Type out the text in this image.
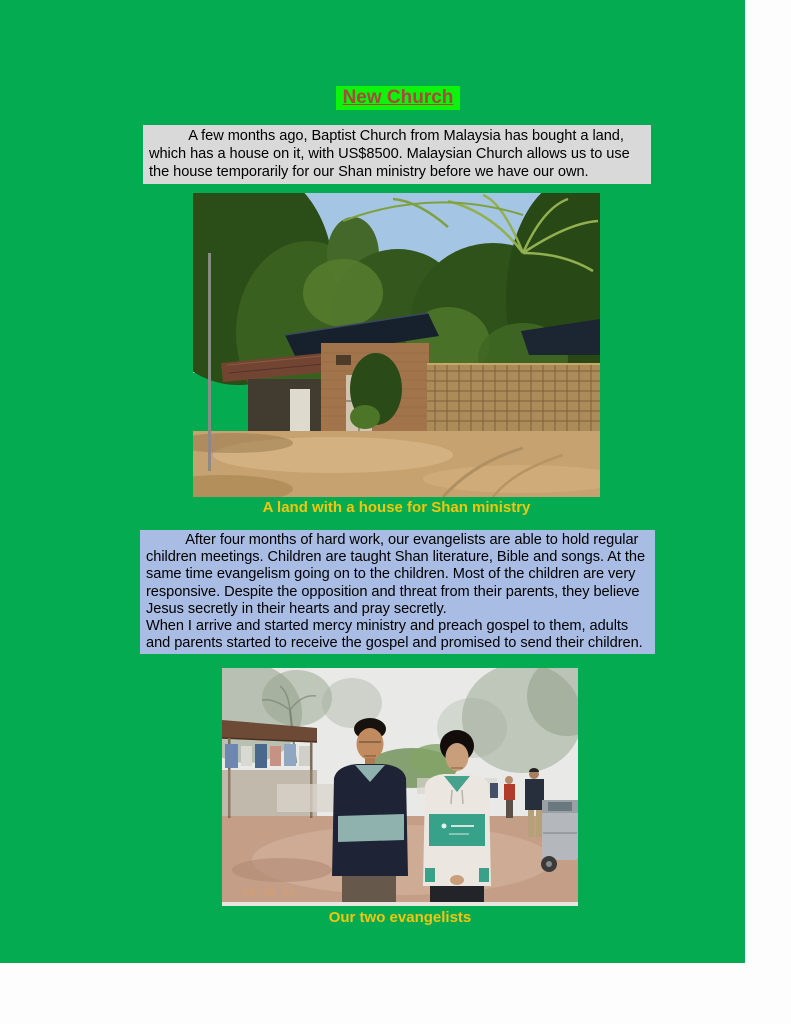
New Church
A few months ago, Baptist Church from Malaysia has bought a land,
which has a house on it, with US$8500. Malaysian Church allows us to use
the house temporarily for our Shan ministry before we have our own.
A land with a house for Shan ministry
After four months of hard work, our evangelists are able to hold regular
children meetings. Children are taught Shan literature, Bible and songs. At the
same time evangelism going on to the children. Most of the children are very
responsive. Despite the opposition and threat from their parents, they believe
Jesus secretly in their hearts and pray secretly.
When I arrive and started mercy ministry and preach gospel to them, adults
and parents started to receive the gospel and promised to send their children.
10 48 11
Our two evangelists
